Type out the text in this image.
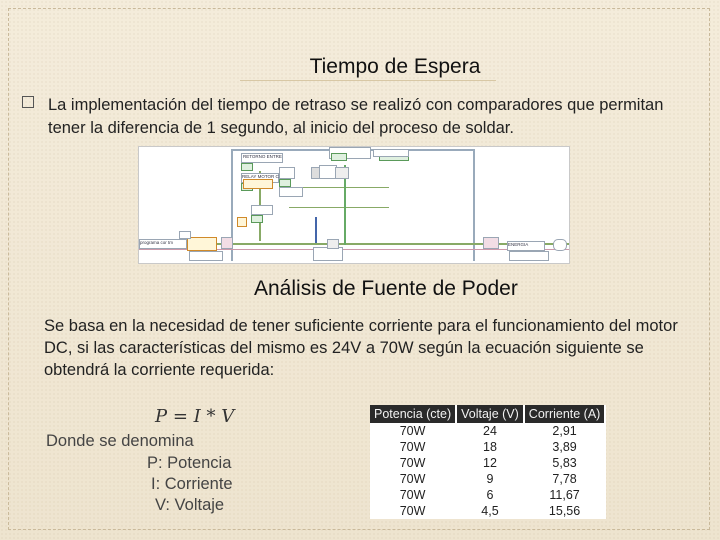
Tiempo de Espera
La implementación del tiempo de retraso se realizó con comparadores que permitan tener la diferencia de 1 segundo, al inicio del proceso de soldar.
RETORNO ENTRE
RELAY MOTOR C
programa cor tm	ENERGIA
Análisis de Fuente de Poder
Se basa en la necesidad de tener suficiente corriente para el funcionamiento del motor DC, si las características del mismo es 24V a 70W según la ecuación siguiente se obtendrá la corriente requerida:
P = I * V
Donde se denomina
P: Potencia
I: Corriente
V: Voltaje
Potencia (cte)	Voltaje (V)	Corriente (A)
70W	24	2,91
70W	18	3,89
70W	12	5,83
70W	9	7,78
70W	6	11,67
70W	4,5	15,56
